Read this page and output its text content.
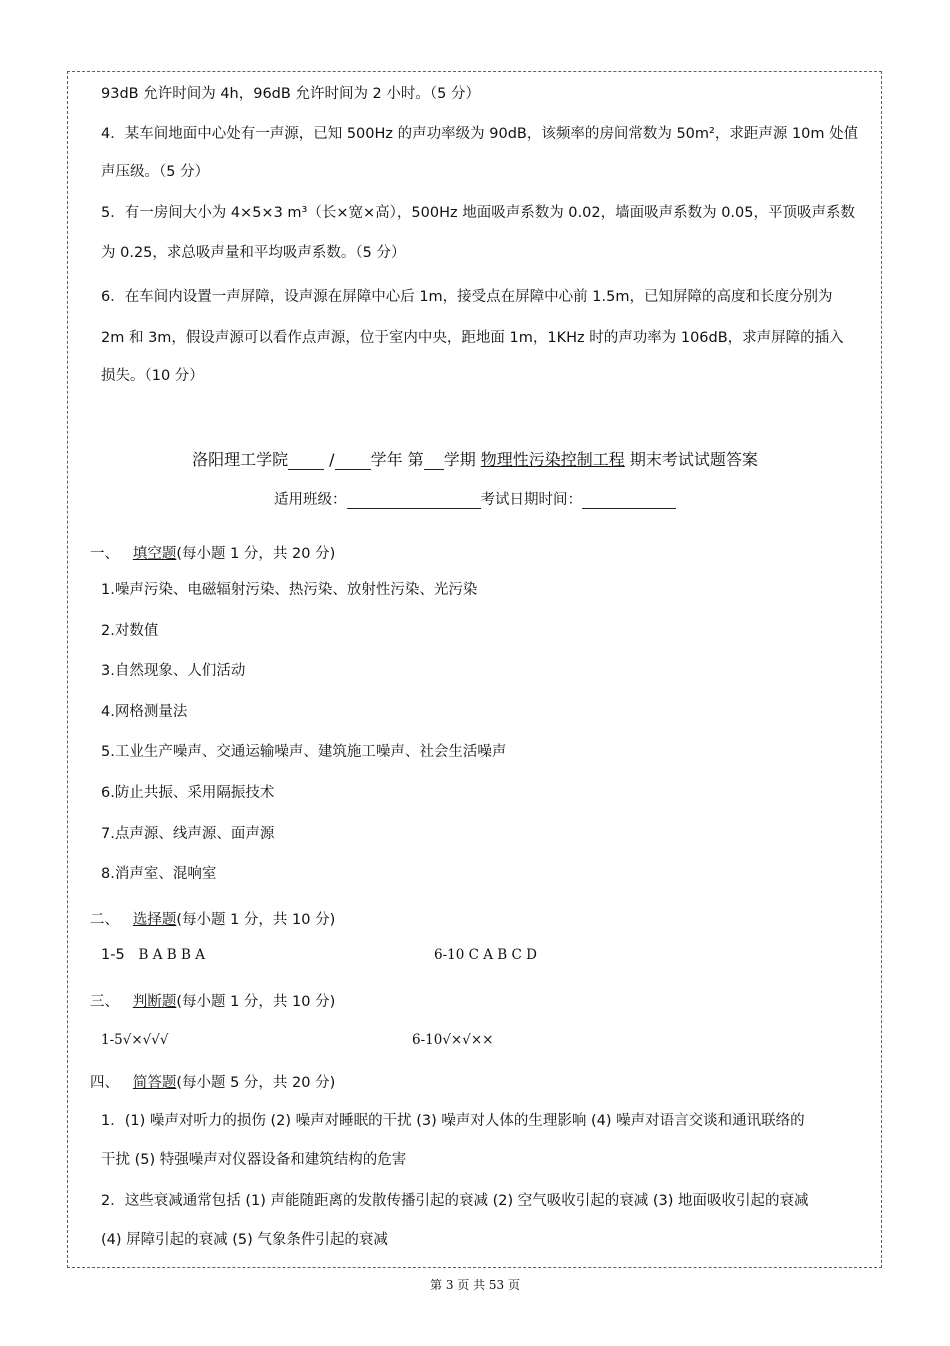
93dB 允许时间为 4h，96dB 允许时间为 2 小时。（5 分）
4．某车间地面中心处有一声源，已知 500Hz 的声功率级为 90dB，该频率的房间常数为 50m²，求距声源 10m 处值
声压级。（5 分）
5．有一房间大小为 4×5×3 m³（长×宽×高），500Hz 地面吸声系数为 0.02，墙面吸声系数为 0.05，平顶吸声系数
为 0.25，求总吸声量和平均吸声系数。（5 分）
6．在车间内设置一声屏障，设声源在屏障中心后 1m，接受点在屏障中心前 1.5m，已知屏障的高度和长度分别为
2m 和 3m，假设声源可以看作点声源，位于室内中央，距地面 1m，1KHz 时的声功率为 106dB，求声屏障的插入
损失。（10 分）
洛阳理工学院	/ 学年 第 学期 物理性污染控制工程 期末考试试题答案
适用班级：	考试日期时间：
一、 填空题(每小题 1 分，共 20 分)
1.噪声污染、电磁辐射污染、热污染、放射性污染、光污染
2.对数值
3.自然现象、人们活动
4.网格测量法
5.工业生产噪声、交通运输噪声、建筑施工噪声、社会生活噪声
6.防止共振、采用隔振技术
7.点声源、线声源、面声源
8.消声室、混响室
二、 选择题(每小题 1 分，共 10 分)
1-5 B A B B A	6-10 C A B C D
三、 判断题(每小题 1 分，共 10 分)
1-5√×√√√	6-10√×√××
四、 简答题(每小题 5 分，共 20 分)
1．(1) 噪声对听力的损伤 (2) 噪声对睡眠的干扰 (3) 噪声对人体的生理影响 (4) 噪声对语言交谈和通讯联络的
干扰 (5) 特强噪声对仪器设备和建筑结构的危害
2．这些衰减通常包括 (1) 声能随距离的发散传播引起的衰减 (2) 空气吸收引起的衰减 (3) 地面吸收引起的衰减
(4) 屏障引起的衰减 (5) 气象条件引起的衰减
第 3 页 共 53 页
